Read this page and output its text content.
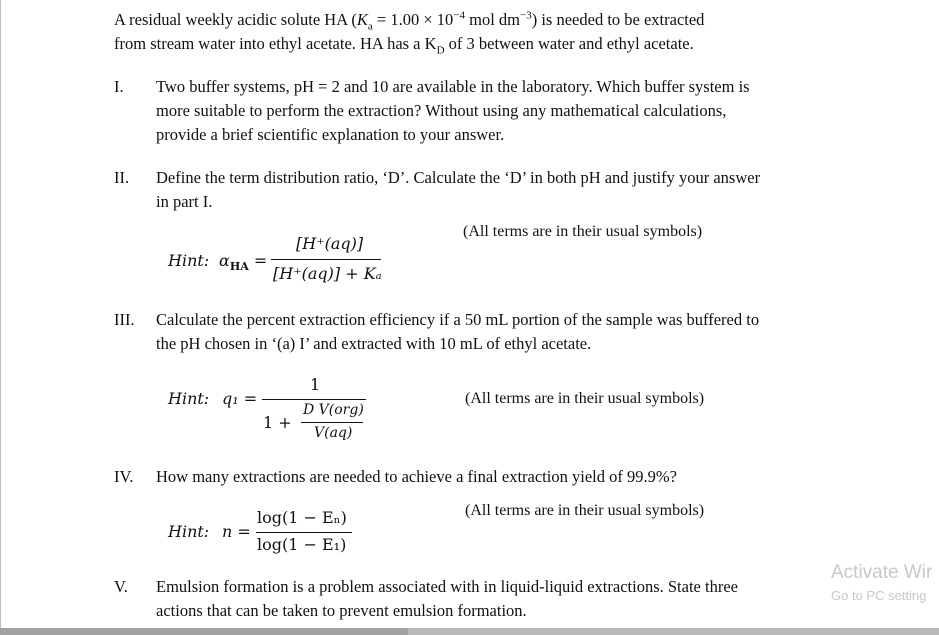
A residual weekly acidic solute HA ($K_a = 1.00 \times 10^{-4}$ mol $dm^{-3}$) is needed to be extracted
from stream water into ethyl acetate. HA has a $K_D$ of 3 between water and ethyl acetate.
I. Two buffer systems, pH = 2 and 10 are available in the laboratory. Which buffer system is
more suitable to perform the extraction? Without using any mathematical calculations,
provide a brief scientific explanation to your answer.
II. Define the term distribution ratio, ‘D’. Calculate the ‘D’ in both pH and justify your answer
in part I.
(All terms are in their usual symbols)
Hint: $\alpha_{HA}$ =
[H⁺(aq)]
[H⁺(aq)] + Kₐ
III. Calculate the percent extraction efficiency if a 50 mL portion of the sample was buffered to
the pH chosen in ‘(a) I’ and extracted with 10 mL of ethyl acetate.
Hint: q₁ =
1
1 +
D V(org)
V(aq)
(All terms are in their usual symbols)
IV. How many extractions are needed to achieve a final extraction yield of 99.9%?
(All terms are in their usual symbols)
Hint: n =
log(1 − Eₙ)
log(1 − E₁)
V. Emulsion formation is a problem associated with in liquid-liquid extractions. State three
actions that can be taken to prevent emulsion formation.
Activate Wir
Go to PC setting
